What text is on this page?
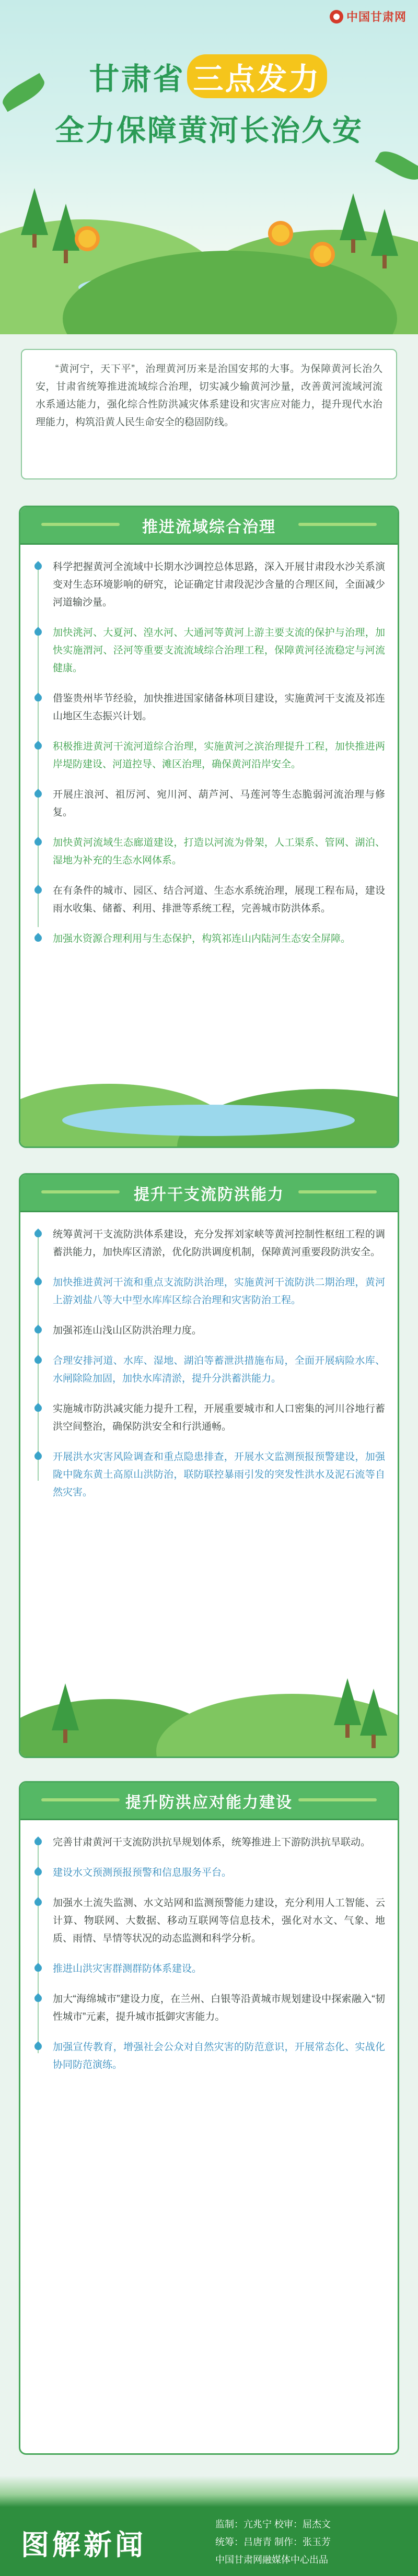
中国甘肃网
甘肃省 三点发力
全力保障黄河长治久安
“黄河宁，天下平”，治理黄河历来是治国安邦的大事。为保障黄河长治久安，甘肃省统筹推进流域综合治理，切实减少输黄河沙量，改善黄河流域河流水系通达能力，强化综合性防洪减灾体系建设和灾害应对能力，提升现代水治理能力，构筑沿黄人民生命安全的稳固防线。
推进流域综合治理
科学把握黄河全流域中长期水沙调控总体思路，深入开展甘肃段水沙关系演变对生态环境影响的研究，论证确定甘肃段泥沙含量的合理区间，全面减少河道输沙量。
加快洮河、大夏河、湟水河、大通河等黄河上游主要支流的保护与治理，加快实施渭河、泾河等重要支流流域综合治理工程，保障黄河径流稳定与河流健康。
借鉴贵州毕节经验，加快推进国家储备林项目建设，实施黄河干支流及祁连山地区生态振兴计划。
积极推进黄河干流河道综合治理，实施黄河之滨治理提升工程，加快推进两岸堤防建设、河道控导、滩区治理，确保黄河沿岸安全。
开展庄浪河、祖厉河、宛川河、葫芦河、马莲河等生态脆弱河流治理与修复。
加快黄河流域生态廊道建设，打造以河流为骨架，人工渠系、管网、湖泊、湿地为补充的生态水网体系。
在有条件的城市、园区、结合河道、生态水系统治理，展现工程布局，建设雨水收集、储蓄、利用、排泄等系统工程，完善城市防洪体系。
加强水资源合理利用与生态保护，构筑祁连山内陆河生态安全屏障。
提升干支流防洪能力
统筹黄河干支流防洪体系建设，充分发挥刘家峡等黄河控制性枢纽工程的调蓄洪能力，加快库区清淤，优化防洪调度机制，保障黄河重要段防洪安全。
加快推进黄河干流和重点支流防洪治理，实施黄河干流防洪二期治理，黄河上游刘盐八等大中型水库库区综合治理和灾害防治工程。
加强祁连山浅山区防洪治理力度。
合理安排河道、水库、湿地、湖泊等蓄泄洪措施布局，全面开展病险水库、水闸除险加固，加快水库清淤，提升分洪蓄洪能力。
实施城市防洪减灾能力提升工程，开展重要城市和人口密集的河川谷地行蓄洪空间整治，确保防洪安全和行洪通畅。
开展洪水灾害风险调查和重点隐患排查，开展水文监测预报预警建设，加强陇中陇东黄土高原山洪防治，联防联控暴雨引发的突发性洪水及泥石流等自然灾害。
提升防洪应对能力建设
完善甘肃黄河干支流防洪抗旱规划体系，统筹推进上下游防洪抗旱联动。
建设水文预测预报预警和信息服务平台。
加强水土流失监测、水文站网和监测预警能力建设，充分利用人工智能、云计算、物联网、大数据、移动互联网等信息技术，强化对水文、气象、地质、雨情、旱情等状况的动态监测和科学分析。
推进山洪灾害群测群防体系建设。
加大“海绵城市”建设力度，在兰州、白银等沿黄城市规划建设中探索融入“韧性城市”元素，提升城市抵御灾害能力。
加强宣传教育，增强社会公众对自然灾害的防范意识，开展常态化、实战化协同防范演练。
图解新闻
监制：亢兆宁 校审：屈杰文
统筹：吕唐青 制作：张玉芳
中国甘肃网融媒体中心出品
